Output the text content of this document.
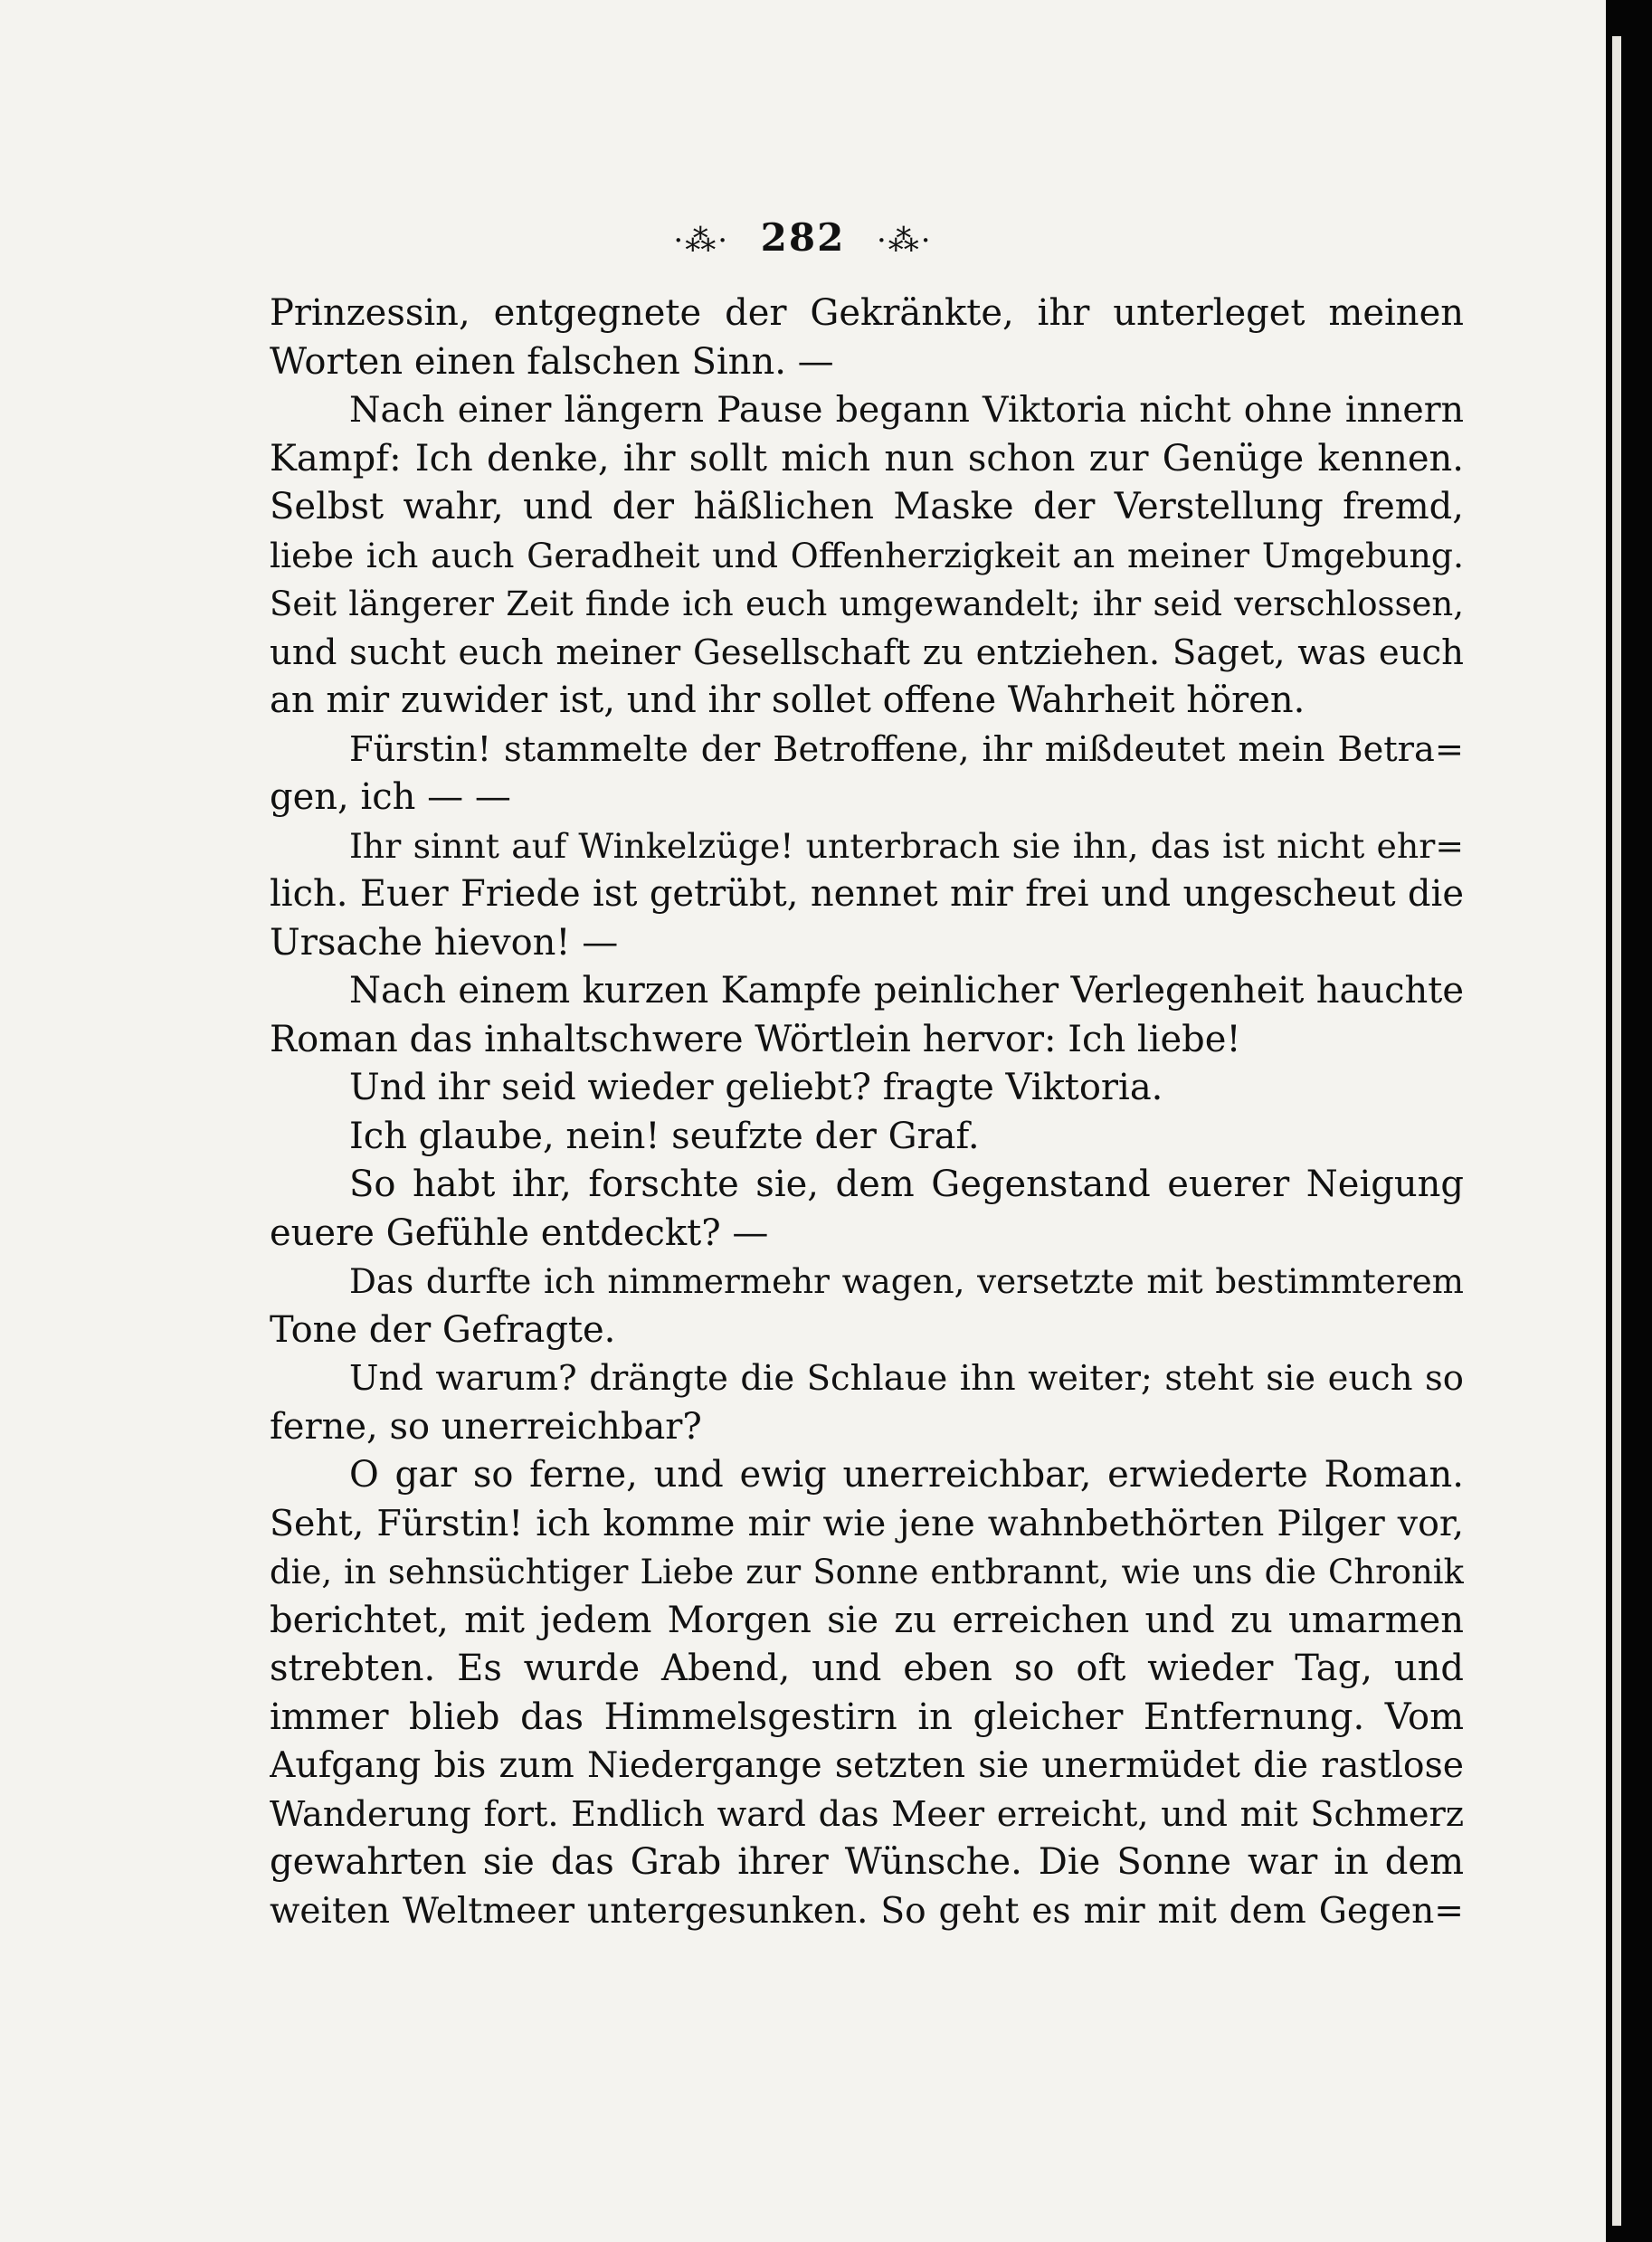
·⁂· 282 ·⁂·
Prinzessin, entgegnete der Gekränkte, ihr unterleget meinen
Worten einen falschen Sinn. —
Nach einer längern Pause begann Viktoria nicht ohne innern
Kampf: Ich denke, ihr sollt mich nun schon zur Genüge kennen.
Selbst wahr, und der häßlichen Maske der Verstellung fremd,
liebe ich auch Geradheit und Offenherzigkeit an meiner Umgebung.
Seit längerer Zeit finde ich euch umgewandelt; ihr seid verschlossen,
und sucht euch meiner Gesellschaft zu entziehen. Saget, was euch
an mir zuwider ist, und ihr sollet offene Wahrheit hören.
Fürstin! stammelte der Betroffene, ihr mißdeutet mein Betra=
gen, ich — —
Ihr sinnt auf Winkelzüge! unterbrach sie ihn, das ist nicht ehr=
lich. Euer Friede ist getrübt, nennet mir frei und ungescheut die
Ursache hievon! —
Nach einem kurzen Kampfe peinlicher Verlegenheit hauchte
Roman das inhaltschwere Wörtlein hervor: Ich liebe!
Und ihr seid wieder geliebt? fragte Viktoria.
Ich glaube, nein! seufzte der Graf.
So habt ihr, forschte sie, dem Gegenstand euerer Neigung
euere Gefühle entdeckt? —
Das durfte ich nimmermehr wagen, versetzte mit bestimmterem
Tone der Gefragte.
Und warum? drängte die Schlaue ihn weiter; steht sie euch so
ferne, so unerreichbar?
O gar so ferne, und ewig unerreichbar, erwiederte Roman.
Seht, Fürstin! ich komme mir wie jene wahnbethörten Pilger vor,
die, in sehnsüchtiger Liebe zur Sonne entbrannt, wie uns die Chronik
berichtet, mit jedem Morgen sie zu erreichen und zu umarmen
strebten. Es wurde Abend, und eben so oft wieder Tag, und
immer blieb das Himmelsgestirn in gleicher Entfernung. Vom
Aufgang bis zum Niedergange setzten sie unermüdet die rastlose
Wanderung fort. Endlich ward das Meer erreicht, und mit Schmerz
gewahrten sie das Grab ihrer Wünsche. Die Sonne war in dem
weiten Weltmeer untergesunken. So geht es mir mit dem Gegen=
